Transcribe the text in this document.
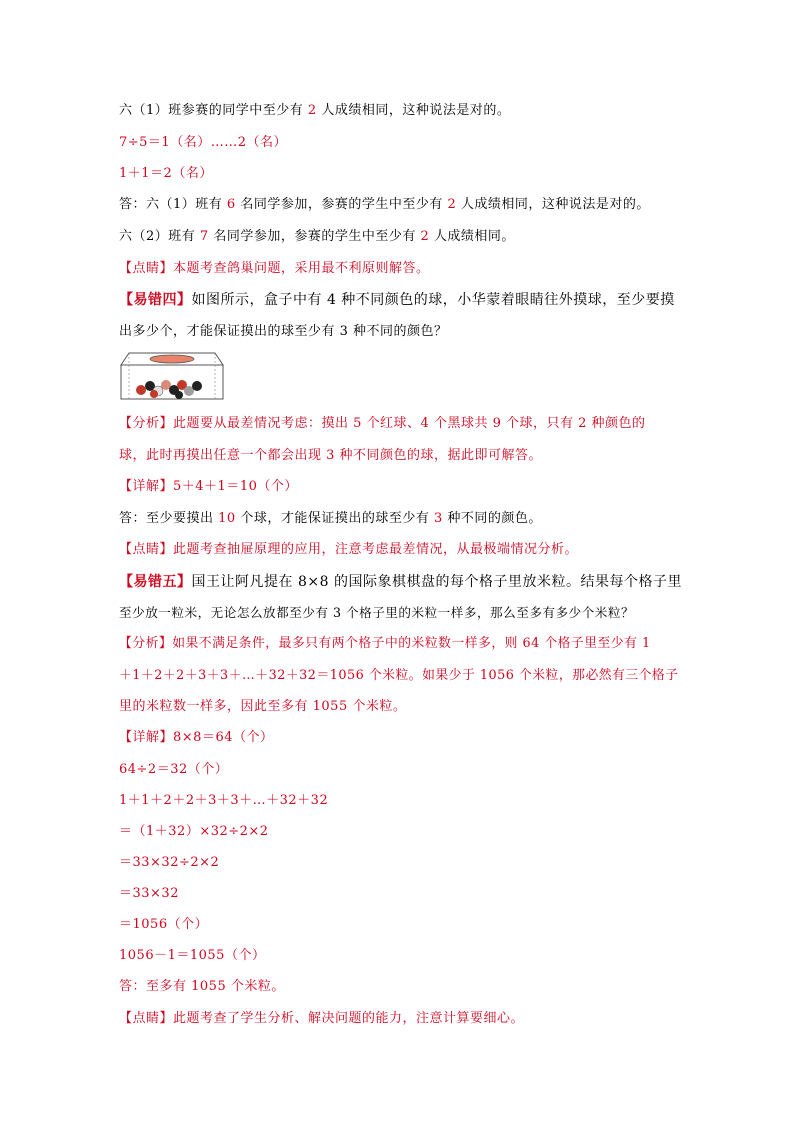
六（1）班参赛的同学中至少有 2 人成绩相同，这种说法是对的。
7÷5＝1（名）……2（名）
1＋1＝2（名）
答：六（1）班有 6 名同学参加，参赛的学生中至少有 2 人成绩相同，这种说法是对的。
六（2）班有 7 名同学参加，参赛的学生中至少有 2 人成绩相同。
【点睛】本题考查鸽巢问题，采用最不利原则解答。
【易错四】如图所示，盒子中有 4 种不同颜色的球，小华蒙着眼睛往外摸球，至少要摸
出多少个，才能保证摸出的球至少有 3 种不同的颜色？
【分析】此题要从最差情况考虑：摸出 5 个红球、4 个黑球共 9 个球，只有 2 种颜色的
球，此时再摸出任意一个都会出现 3 种不同颜色的球，据此即可解答。
【详解】5＋4＋1＝10（个）
答：至少要摸出 10 个球，才能保证摸出的球至少有 3 种不同的颜色。
【点睛】此题考查抽屉原理的应用，注意考虑最差情况，从最极端情况分析。
【易错五】国王让阿凡提在 8×8 的国际象棋棋盘的每个格子里放米粒。结果每个格子里
至少放一粒米，无论怎么放都至少有 3 个格子里的米粒一样多，那么至多有多少个米粒？
【分析】如果不满足条件，最多只有两个格子中的米粒数一样多，则 64 个格子里至少有 1
＋1＋2＋2＋3＋3＋…＋32＋32＝1056 个米粒。如果少于 1056 个米粒，那必然有三个格子
里的米粒数一样多，因此至多有 1055 个米粒。
【详解】8×8＝64（个）
64÷2＝32（个）
1＋1＋2＋2＋3＋3＋…＋32＋32
＝（1＋32）×32÷2×2
＝33×32÷2×2
＝33×32
＝1056（个）
1056－1＝1055（个）
答：至多有 1055 个米粒。
【点睛】此题考查了学生分析、解决问题的能力，注意计算要细心。
